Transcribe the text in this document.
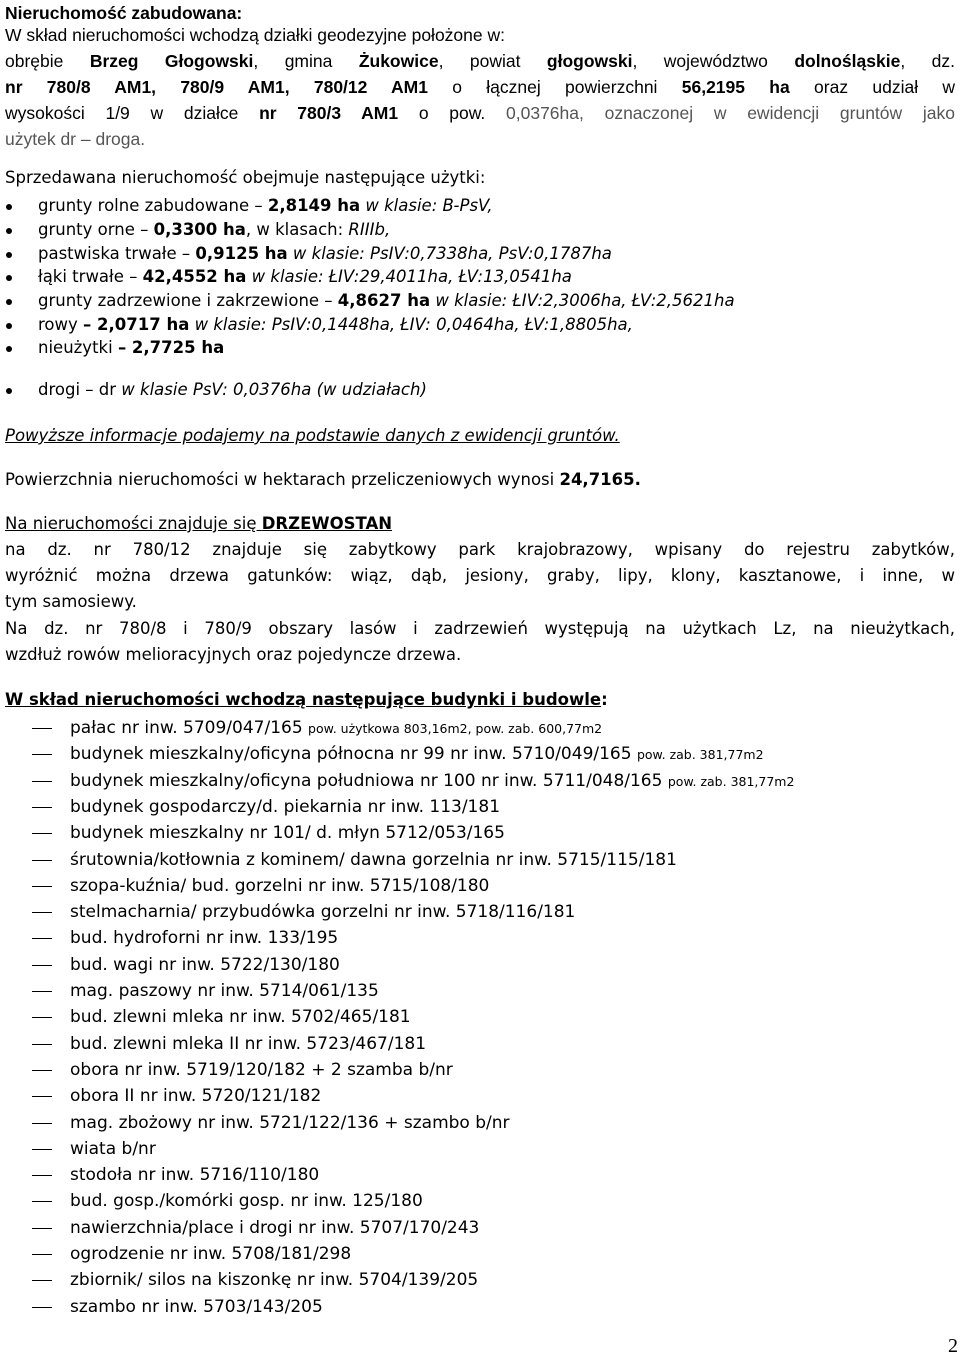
Nieruchomość zabudowana:
W skład nieruchomości wchodzą działki geodezyjne położone w:
obrębie Brzeg Głogowski, gmina Żukowice, powiat głogowski, województwo dolnośląskie, dz.
nr 780/8 AM1, 780/9 AM1, 780/12 AM1 o łącznej powierzchni 56,2195 ha oraz udział w
wysokości 1/9 w działce nr 780/3 AM1 o pow. 0,0376ha, oznaczonej w ewidencji gruntów jako
użytek dr – droga.
Sprzedawana nieruchomość obejmuje następujące użytki:
grunty rolne zabudowane – 2,8149 ha w klasie: B-PsV,
grunty orne – 0,3300 ha, w klasach: RIIIb,
pastwiska trwałe – 0,9125 ha w klasie: PsIV:0,7338ha, PsV:0,1787ha
łąki trwałe – 42,4552 ha w klasie: ŁIV:29,4011ha, ŁV:13,0541ha
grunty zadrzewione i zakrzewione – 4,8627 ha w klasie: ŁIV:2,3006ha, ŁV:2,5621ha
rowy – 2,0717 ha w klasie: PsIV:0,1448ha, ŁIV: 0,0464ha, ŁV:1,8805ha,
nieużytki – 2,7725 ha
drogi – dr w klasie PsV: 0,0376ha (w udziałach)
Powyższe informacje podajemy na podstawie danych z ewidencji gruntów.
Powierzchnia nieruchomości w hektarach przeliczeniowych wynosi 24,7165.
Na nieruchomości znajduje się DRZEWOSTAN
na dz. nr 780/12 znajduje się zabytkowy park krajobrazowy, wpisany do rejestru zabytków,
wyróżnić można drzewa gatunków: wiąz, dąb, jesiony, graby, lipy, klony, kasztanowe, i inne, w
tym samosiewy.
Na dz. nr 780/8 i 780/9 obszary lasów i zadrzewień występują na użytkach Lz, na nieużytkach,
wzdłuż rowów melioracyjnych oraz pojedyncze drzewa.
W skład nieruchomości wchodzą następujące budynki i budowle:
pałac nr inw. 5709/047/165 pow. użytkowa 803,16m2, pow. zab. 600,77m2
budynek mieszkalny/oficyna północna nr 99 nr inw. 5710/049/165 pow. zab. 381,77m2
budynek mieszkalny/oficyna południowa nr 100 nr inw. 5711/048/165 pow. zab. 381,77m2
budynek gospodarczy/d. piekarnia nr inw. 113/181
budynek mieszkalny nr 101/ d. młyn 5712/053/165
śrutownia/kotłownia z kominem/ dawna gorzelnia nr inw. 5715/115/181
szopa-kuźnia/ bud. gorzelni nr inw. 5715/108/180
stelmacharnia/ przybudówka gorzelni nr inw. 5718/116/181
bud. hydroforni nr inw. 133/195
bud. wagi nr inw. 5722/130/180
mag. paszowy nr inw. 5714/061/135
bud. zlewni mleka nr inw. 5702/465/181
bud. zlewni mleka II nr inw. 5723/467/181
obora nr inw. 5719/120/182 + 2 szamba b/nr
obora II nr inw. 5720/121/182
mag. zbożowy nr inw. 5721/122/136 + szambo b/nr
wiata b/nr
stodoła nr inw. 5716/110/180
bud. gosp./komórki gosp. nr inw. 125/180
nawierzchnia/place i drogi nr inw. 5707/170/243
ogrodzenie nr inw. 5708/181/298
zbiornik/ silos na kiszonkę nr inw. 5704/139/205
szambo nr inw. 5703/143/205
2
